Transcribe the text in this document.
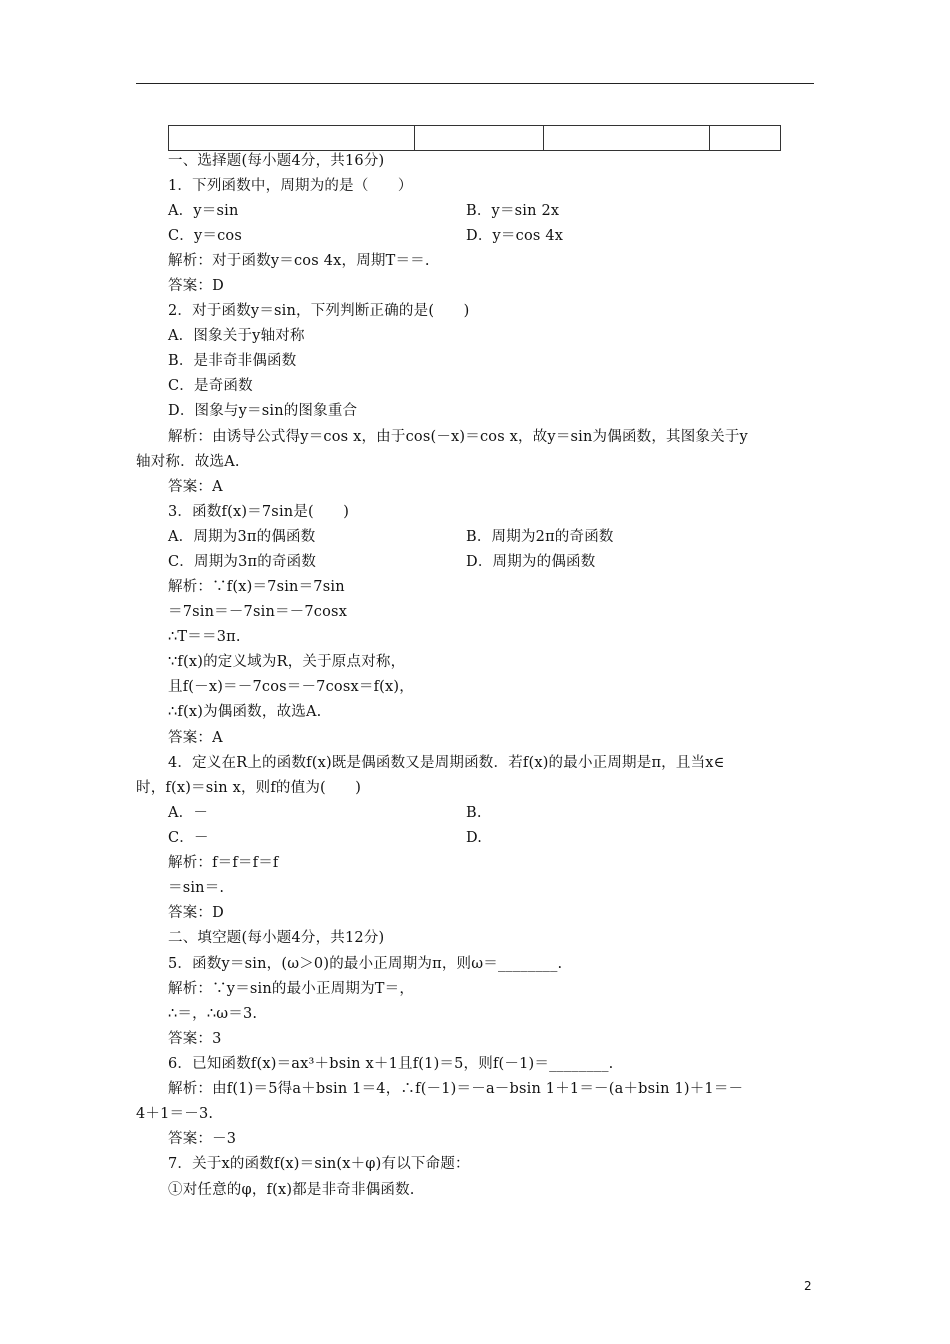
一、选择题(每小题4分，共16分)
1．下列函数中，周期为的是（　　）
A．y＝sin	B．y＝sin 2x
C．y＝cos	D．y＝cos 4x
解析：对于函数y＝cos 4x，周期T＝＝.
答案：D
2．对于函数y＝sin，下列判断正确的是(　　)
A．图象关于y轴对称
B．是非奇非偶函数
C．是奇函数
D．图象与y＝sin的图象重合
解析：由诱导公式得y＝cos x，由于cos(－x)＝cos x，故y＝sin为偶函数，其图象关于y
轴对称．故选A.
答案：A
3．函数f(x)＝7sin是(　　)
A．周期为3π的偶函数	B．周期为2π的奇函数
C．周期为3π的奇函数	D．周期为的偶函数
解析：∵f(x)＝7sin＝7sin
＝7sin＝－7sin＝－7cosx
∴T＝＝3π.
∵f(x)的定义域为R，关于原点对称，
且f(－x)＝－7cos＝－7cosx＝f(x)，
∴f(x)为偶函数，故选A.
答案：A
4．定义在R上的函数f(x)既是偶函数又是周期函数．若f(x)的最小正周期是π，且当x∈
时，f(x)＝sin x，则f的值为(　　)
A．－	B.
C．－	D.
解析：f＝f＝f＝f
＝sin＝.
答案：D
二、填空题(每小题4分，共12分)
5．函数y＝sin，(ω＞0)的最小正周期为π，则ω＝________.
解析：∵y＝sin的最小正周期为T＝，
∴＝，∴ω＝3.
答案：3
6．已知函数f(x)＝ax³＋bsin x＋1且f(1)＝5，则f(－1)＝________.
解析：由f(1)＝5得a＋bsin 1＝4，∴f(－1)＝－a－bsin 1＋1＝－(a＋bsin 1)＋1＝－
4＋1＝－3.
答案：－3
7．关于x的函数f(x)＝sin(x＋φ)有以下命题：
①对任意的φ，f(x)都是非奇非偶函数.
2
